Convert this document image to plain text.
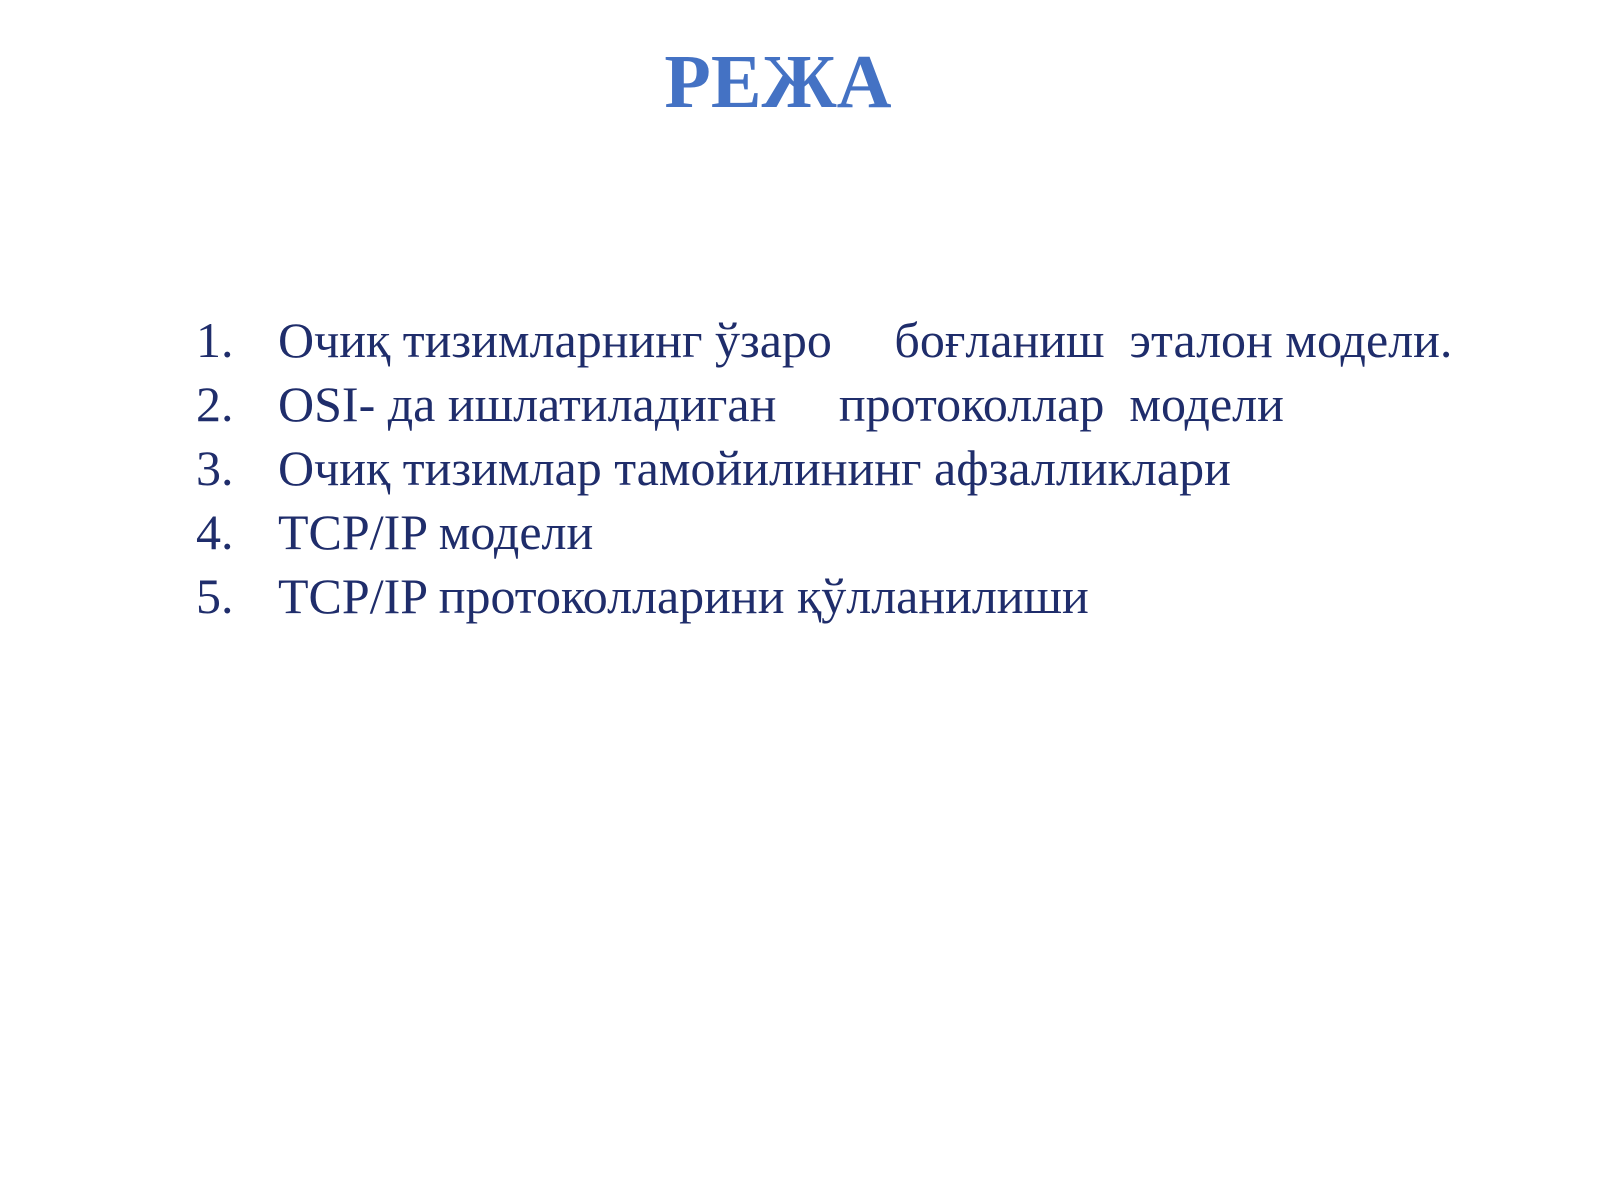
РЕЖА
1. Очиқ тизимларнинг ўзаро     боғланиш  эталон модели.
2. OSI- да ишлатиладиган     протоколлар  модели
3. Очиқ тизимлар тамойилининг афзалликлари
4. TCP/IP модели
5. TCP/IP протоколларини қўлланилиши
